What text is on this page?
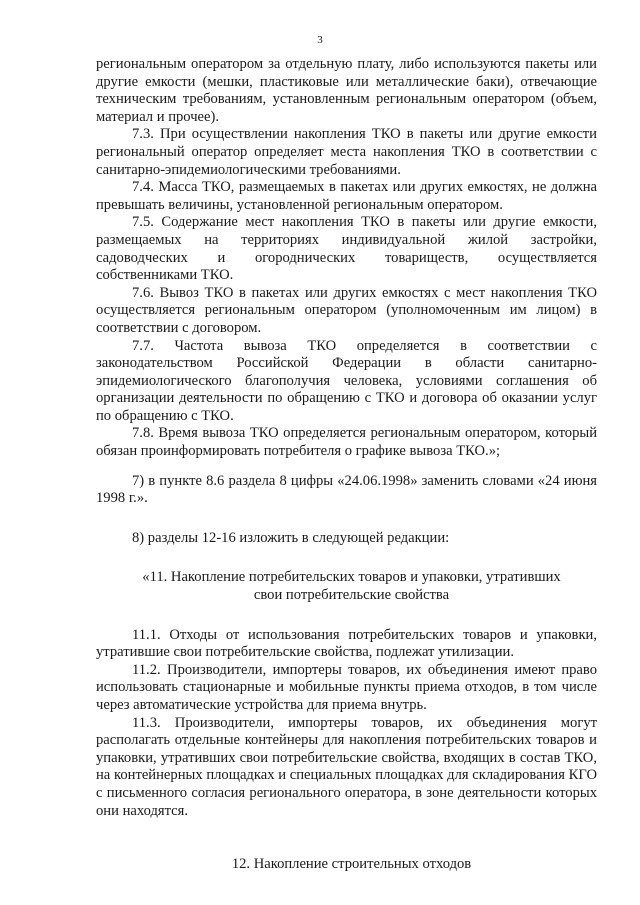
3

региональным оператором за отдельную плату, либо используются пакеты или другие емкости (мешки, пластиковые или металлические баки), отвечающие техническим требованиям, установленным региональным оператором (объем, материал и прочее).

7.3. При осуществлении накопления ТКО в пакеты или другие емкости региональный оператор определяет места накопления ТКО в соответствии с санитарно-эпидемиологическими требованиями.

7.4. Масса ТКО, размещаемых в пакетах или других емкостях, не должна превышать величины, установленной региональным оператором.

7.5. Содержание мест накопления ТКО в пакеты или другие емкости, размещаемых на территориях индивидуальной жилой застройки, садоводческих и огороднических товариществ, осуществляется собственниками ТКО.

7.6. Вывоз ТКО в пакетах или других емкостях с мест накопления ТКО осуществляется региональным оператором (уполномоченным им лицом) в соответствии с договором.

7.7. Частота вывоза ТКО определяется в соответствии с законодательством Российской Федерации в области санитарно-эпидемиологического благополучия человека, условиями соглашения об организации деятельности по обращению с ТКО и договора об оказании услуг по обращению с ТКО.

7.8. Время вывоза ТКО определяется региональным оператором, который обязан проинформировать потребителя о графике вывоза ТКО.»;

7) в пункте 8.6 раздела 8 цифры «24.06.1998» заменить словами «24 июня 1998 г.».

8) разделы 12-16 изложить в следующей редакции:

«11. Накопление потребительских товаров и упаковки, утративших свои потребительские свойства

11.1. Отходы от использования потребительских товаров и упаковки, утратившие свои потребительские свойства, подлежат утилизации.

11.2. Производители, импортеры товаров, их объединения имеют право использовать стационарные и мобильные пункты приема отходов, в том числе через автоматические устройства для приема внутрь.

11.3. Производители, импортеры товаров, их объединения могут располагать отдельные контейнеры для накопления потребительских товаров и упаковки, утративших свои потребительские свойства, входящих в состав ТКО, на контейнерных площадках и специальных площадках для складирования КГО с письменного согласия регионального оператора, в зоне деятельности которых они находятся.

12. Накопление строительных отходов
